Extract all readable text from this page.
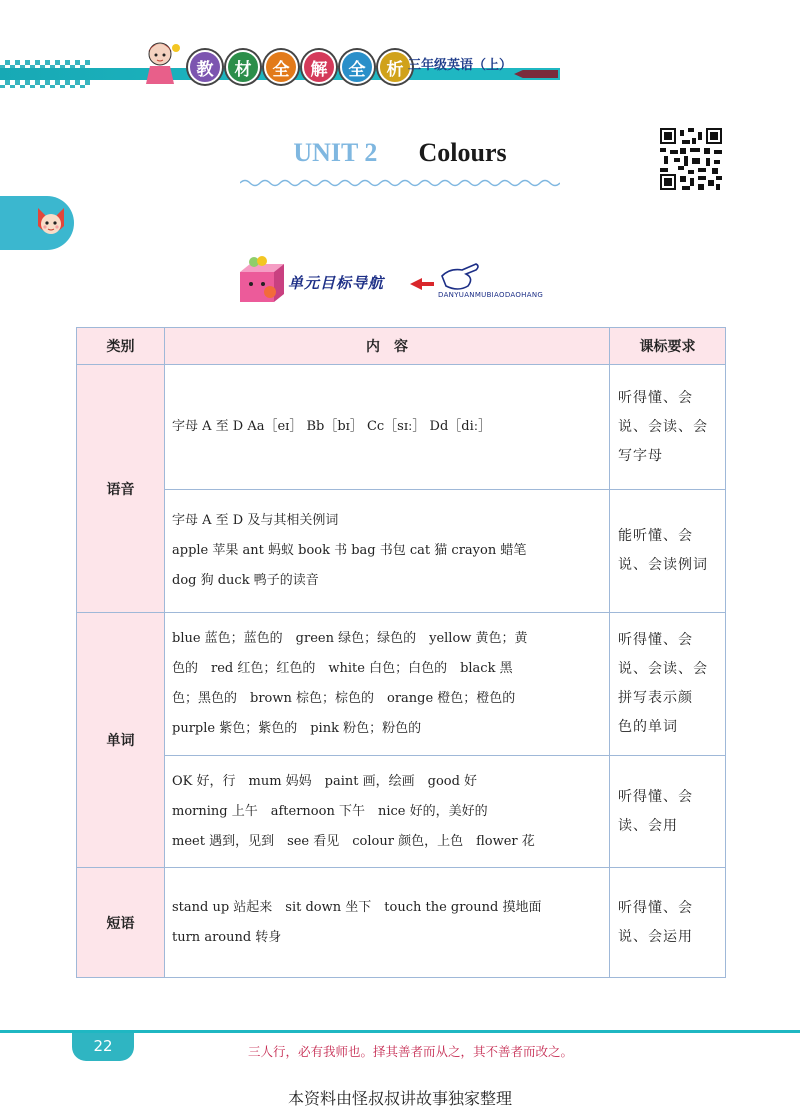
教	材	全	解	全	析 三年级英语（上）
UNIT 2 Colours
单元目标导航
DANYUANMUBIAODAOHANG
类别	内　容	课标要求
语音	字母 A 至 D Aa［eɪ］ Bb［bɪ］ Cc［sɪː］ Dd［diː］	听得懂、会
说、会读、会
写字母

	字母 A 至 D 及与其相关例词
apple 苹果 ant 蚂蚁 book 书 bag 书包 cat 猫 crayon 蜡笔
dog 狗 duck 鸭子的读音	能听懂、会
说、会读例词

单词	blue 蓝色；蓝色的　green 绿色；绿色的　yellow 黄色；黄
色的　red 红色；红色的　white 白色；白色的　black 黑
色；黑色的　brown 棕色；棕色的　orange 橙色；橙色的
purple 紫色；紫色的　pink 粉色；粉色的	听得懂、会
说、会读、会
拼写表示颜
色的单词

	OK 好，行　mum 妈妈　paint 画，绘画　good 好
morning 上午　afternoon 下午　nice 好的，美好的
meet 遇到，见到　see 看见　colour 颜色，上色　flower 花	听得懂、会
读、会用

短语	stand up 站起来　sit down 坐下　touch the ground 摸地面
turn around 转身	听得懂、会
说、会运用
22	三人行，必有我师也。择其善者而从之，其不善者而改之。
本资料由怪叔叔讲故事独家整理
